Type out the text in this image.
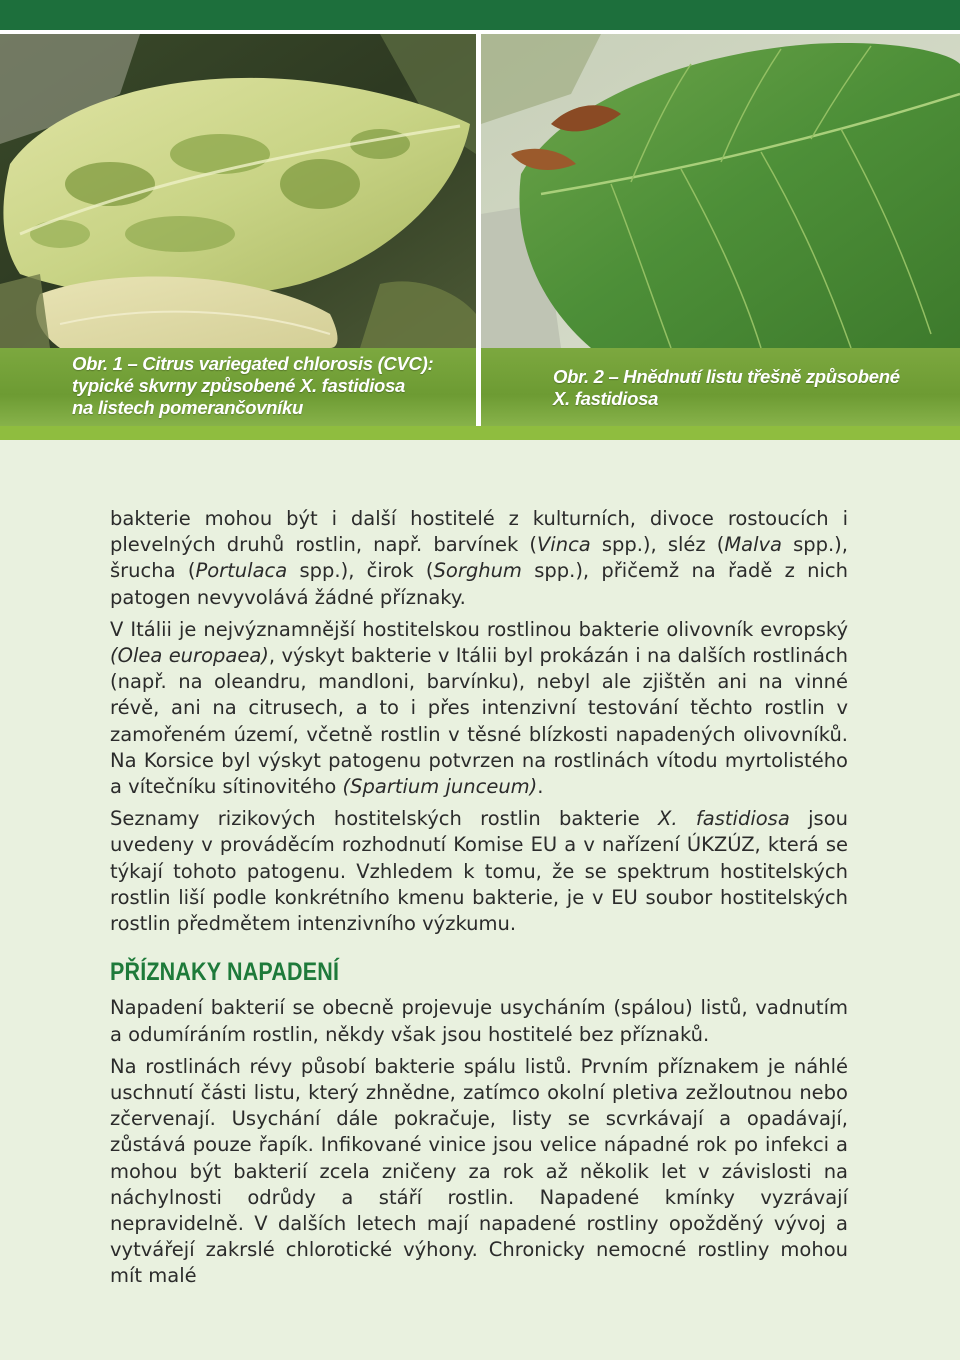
Obr. 1 – Citrus variegated chlorosis (CVC):
typické skvrny způsobené X. fastidiosa
na listech pomerančovníku
Obr. 2 – Hnědnutí listu třešně způsobené
X. fastidiosa

bakterie mohou být i další hostitelé z kulturních, divoce rostoucích i plevelných druhů rostlin, např. barvínek (Vinca spp.), sléz (Malva spp.), šrucha (Portulaca spp.), čirok (Sorghum spp.), přičemž na řadě z nich patogen nevyvolává žádné příznaky.

V Itálii je nejvýznamnější hostitelskou rostlinou bakterie olivovník evropský (Olea europaea), výskyt bakterie v Itálii byl prokázán i na dalších rostlinách (např. na oleandru, mandloni, barvínku), nebyl ale zjištěn ani na vinné révě, ani na citrusech, a to i přes intenzivní testování těchto rostlin v zamořeném území, včetně rostlin v těsné blízkosti napadených olivovníků. Na Korsice byl výskyt patogenu potvrzen na rostlinách vítodu myrtolistého a vítečníku sítinovitého (Spartium junceum).

Seznamy rizikových hostitelských rostlin bakterie X. fastidiosa jsou uvedeny v prováděcím rozhodnutí Komise EU a v nařízení ÚKZÚZ, která se týkají tohoto patogenu. Vzhledem k tomu, že se spektrum hostitelských rostlin liší podle konkrétního kmenu bakterie, je v EU soubor hostitelských rostlin předmětem intenzivního výzkumu.

PŘÍZNAKY NAPADENÍ

Napadení bakterií se obecně projevuje usycháním (spálou) listů, vadnutím a odumíráním rostlin, někdy však jsou hostitelé bez příznaků.

Na rostlinách révy působí bakterie spálu listů. Prvním příznakem je náhlé uschnutí části listu, který zhnědne, zatímco okolní pletiva zežloutnou nebo zčervenají. Usychání dále pokračuje, listy se scvrkávají a opadávají, zůstává pouze řapík. Infikované vinice jsou velice nápadné rok po infekci a mohou být bakterií zcela zničeny za rok až několik let v závislosti na náchylnosti odrůdy a stáří rostlin. Napadené kmínky vyzrávají nepravidelně. V dalších letech mají napadené rostliny opožděný vývoj a vytvářejí zakrslé chlorotické výhony. Chronicky nemocné rostliny mohou mít malé
